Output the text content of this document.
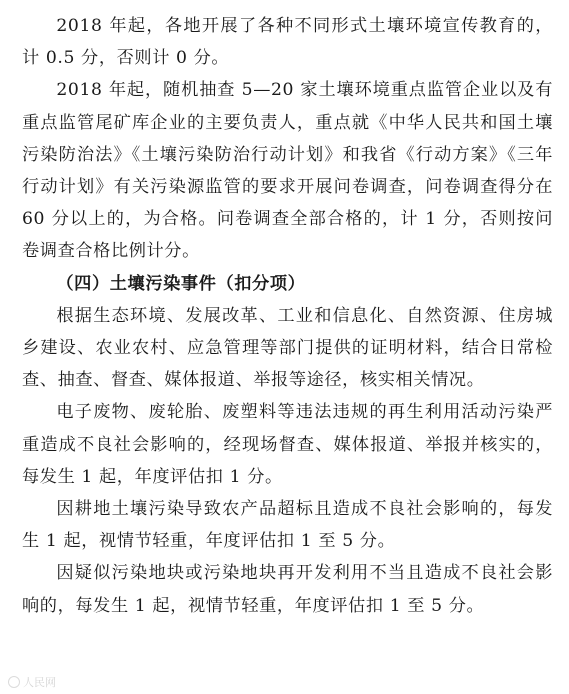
2018 年起，各地开展了各种不同形式土壤环境宣传教育的，计 0.5 分，否则计 0 分。

2018 年起，随机抽查 5—20 家土壤环境重点监管企业以及有重点监管尾矿库企业的主要负责人，重点就《中华人民共和国土壤污染防治法》《土壤污染防治行动计划》和我省《行动方案》《三年行动计划》有关污染源监管的要求开展问卷调查，问卷调查得分在 60 分以上的，为合格。问卷调查全部合格的，计 1 分，否则按问卷调查合格比例计分。

（四）土壤污染事件（扣分项）

根据生态环境、发展改革、工业和信息化、自然资源、住房城乡建设、农业农村、应急管理等部门提供的证明材料，结合日常检查、抽查、督查、媒体报道、举报等途径，核实相关情况。

电子废物、废轮胎、废塑料等违法违规的再生利用活动污染严重造成不良社会影响的，经现场督查、媒体报道、举报并核实的，每发生 1 起，年度评估扣 1 分。

因耕地土壤污染导致农产品超标且造成不良社会影响的，每发生 1 起，视情节轻重，年度评估扣 1 至 5 分。

因疑似污染地块或污染地块再开发利用不当且造成不良社会影响的，每发生 1 起，视情节轻重，年度评估扣 1 至 5 分。

人民网
